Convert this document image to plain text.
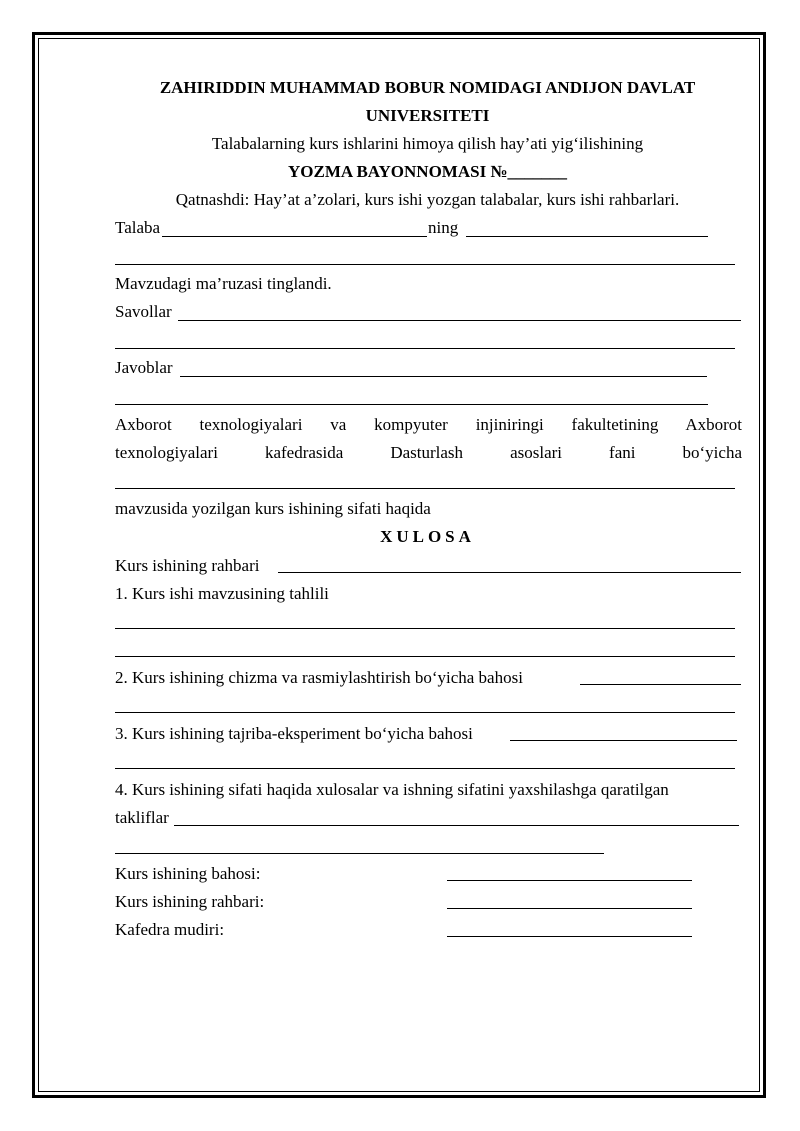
ZAHIRIDDIN MUHAMMAD BOBUR NOMIDAGI ANDIJON DAVLAT
UNIVERSITETI
Talabalarning kurs ishlarini himoya qilish hay’ati yig‘ilishining
YOZMA BAYONNOMASI №_______
Qatnashdi: Hay’at a’zolari, kurs ishi yozgan talabalar, kurs ishi rahbarlari.
Talaba	ning
Mavzudagi ma’ruzasi tinglandi.
Savollar
Javoblar
Axborot texnologiyalari va kompyuter injiniringi fakultetining Axborot
texnologiyalari kafedrasida Dasturlash asoslari fani bo‘yicha
mavzusida yozilgan kurs ishining sifati haqida
XULOSA
Kurs ishining rahbari
1. Kurs ishi mavzusining tahlili
2. Kurs ishining chizma va rasmiylashtirish bo‘yicha bahosi
3. Kurs ishining tajriba-eksperiment bo‘yicha bahosi
4. Kurs ishining sifati haqida xulosalar va ishning sifatini yaxshilashga qaratilgan
takliflar
Kurs ishining bahosi:
Kurs ishining rahbari:
Kafedra mudiri:
